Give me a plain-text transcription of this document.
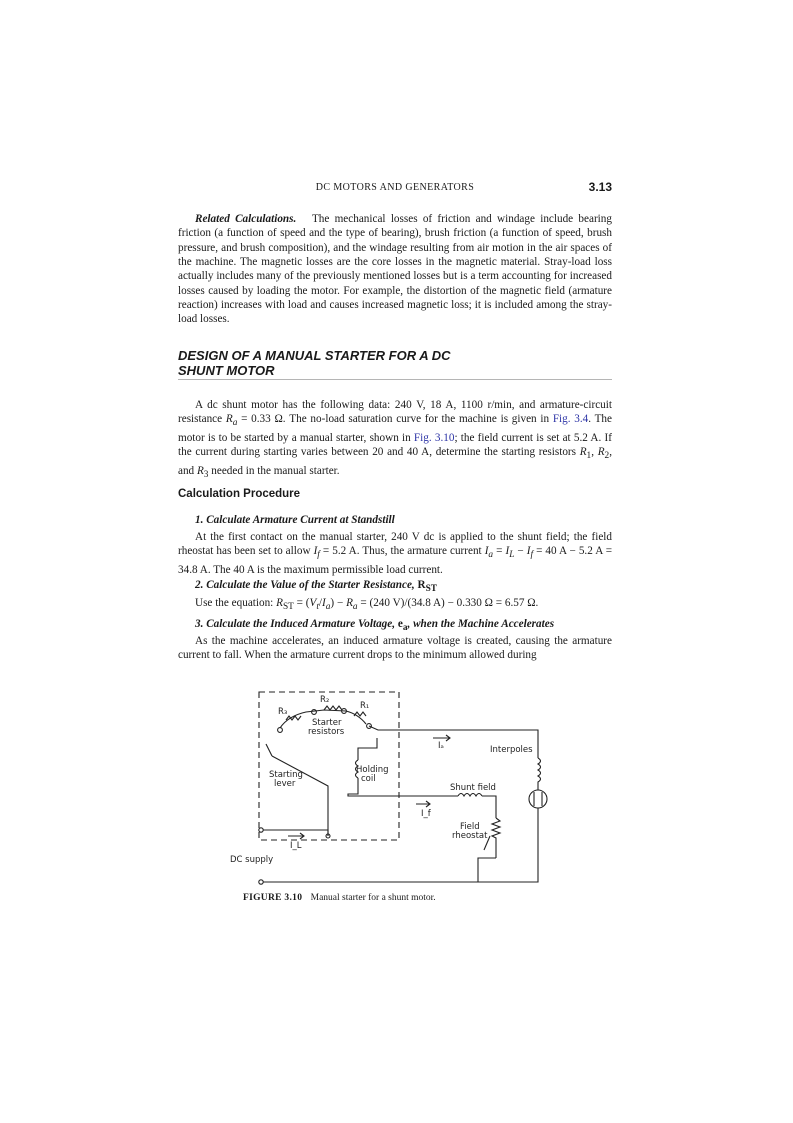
DC MOTORS AND GENERATORS	3.13

Related Calculations. The mechanical losses of friction and windage include bearing friction (a function of speed and the type of bearing), brush friction (a function of speed, brush pressure, and brush composition), and the windage resulting from air motion in the air spaces of the machine. The magnetic losses are the core losses in the magnetic material. Stray-load loss actually includes many of the previously mentioned losses but is a term accounting for increased losses caused by loading the motor. For example, the distortion of the magnetic field (armature reaction) increases with load and causes increased magnetic loss; it is included among the stray-load losses.

DESIGN OF A MANUAL STARTER FOR A DC
SHUNT MOTOR

A dc shunt motor has the following data: 240 V, 18 A, 1100 r/min, and armature-circuit resistance $R_a = 0.33$ Ω. The no-load saturation curve for the machine is given in Fig. 3.4. The motor is to be started by a manual starter, shown in Fig. 3.10; the field current is set at 5.2 A. If the current during starting varies between 20 and 40 A, determine the starting resistors $R_1$, $R_2$, and $R_3$ needed in the manual starter.

Calculation Procedure

1. Calculate Armature Current at Standstill

At the first contact on the manual starter, 240 V dc is applied to the shunt field; the field rheostat has been set to allow $I_f = 5.2$ A. Thus, the armature current $I_a = I_L - I_f = 40$ A − 5.2 A = 34.8 A. The 40 A is the maximum permissible load current.

2. Calculate the Value of the Starter Resistance, $R_{ST}$

Use the equation: $R_{ST} = (V_t/I_a) - R_a = (240$ V)/(34.8 A) − 0.330 Ω = 6.57 Ω.

3. Calculate the Induced Armature Voltage, $e_a$, when the Machine Accelerates

As the machine accelerates, an induced armature voltage is created, causing the armature current to fall. When the armature current drops to the minimum allowed during

R₂
R₃
R₁
Starter
resistors
Iₐ	Interpoles
Starting
lever
Holding
coil
Shunt field
I_f
Field
rheostat
I_L
DC supply

FIGURE 3.10 Manual starter for a shunt motor.
